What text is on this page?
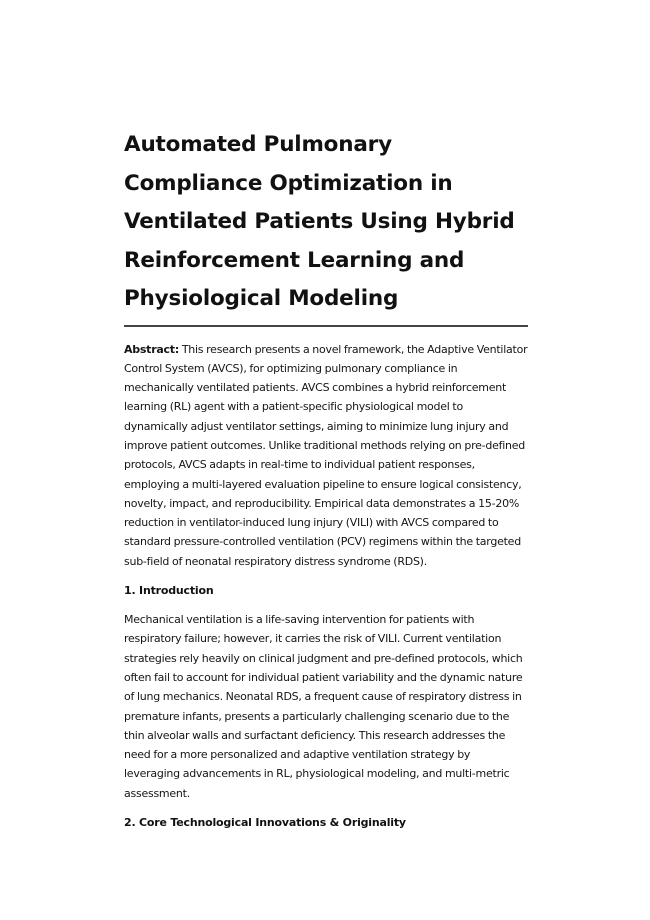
Automated Pulmonary Compliance Optimization in Ventilated Patients Using Hybrid Reinforcement Learning and Physiological Modeling

Abstract: This research presents a novel framework, the Adaptive Ventilator Control System (AVCS), for optimizing pulmonary compliance in mechanically ventilated patients. AVCS combines a hybrid reinforcement learning (RL) agent with a patient-specific physiological model to dynamically adjust ventilator settings, aiming to minimize lung injury and improve patient outcomes. Unlike traditional methods relying on pre-defined protocols, AVCS adapts in real-time to individual patient responses, employing a multi-layered evaluation pipeline to ensure logical consistency, novelty, impact, and reproducibility. Empirical data demonstrates a 15-20% reduction in ventilator-induced lung injury (VILI) with AVCS compared to standard pressure-controlled ventilation (PCV) regimens within the targeted sub-field of neonatal respiratory distress syndrome (RDS).

1. Introduction

Mechanical ventilation is a life-saving intervention for patients with respiratory failure; however, it carries the risk of VILI. Current ventilation strategies rely heavily on clinical judgment and pre-defined protocols, which often fail to account for individual patient variability and the dynamic nature of lung mechanics. Neonatal RDS, a frequent cause of respiratory distress in premature infants, presents a particularly challenging scenario due to the thin alveolar walls and surfactant deficiency. This research addresses the need for a more personalized and adaptive ventilation strategy by leveraging advancements in RL, physiological modeling, and multi-metric assessment.

2. Core Technological Innovations & Originality
